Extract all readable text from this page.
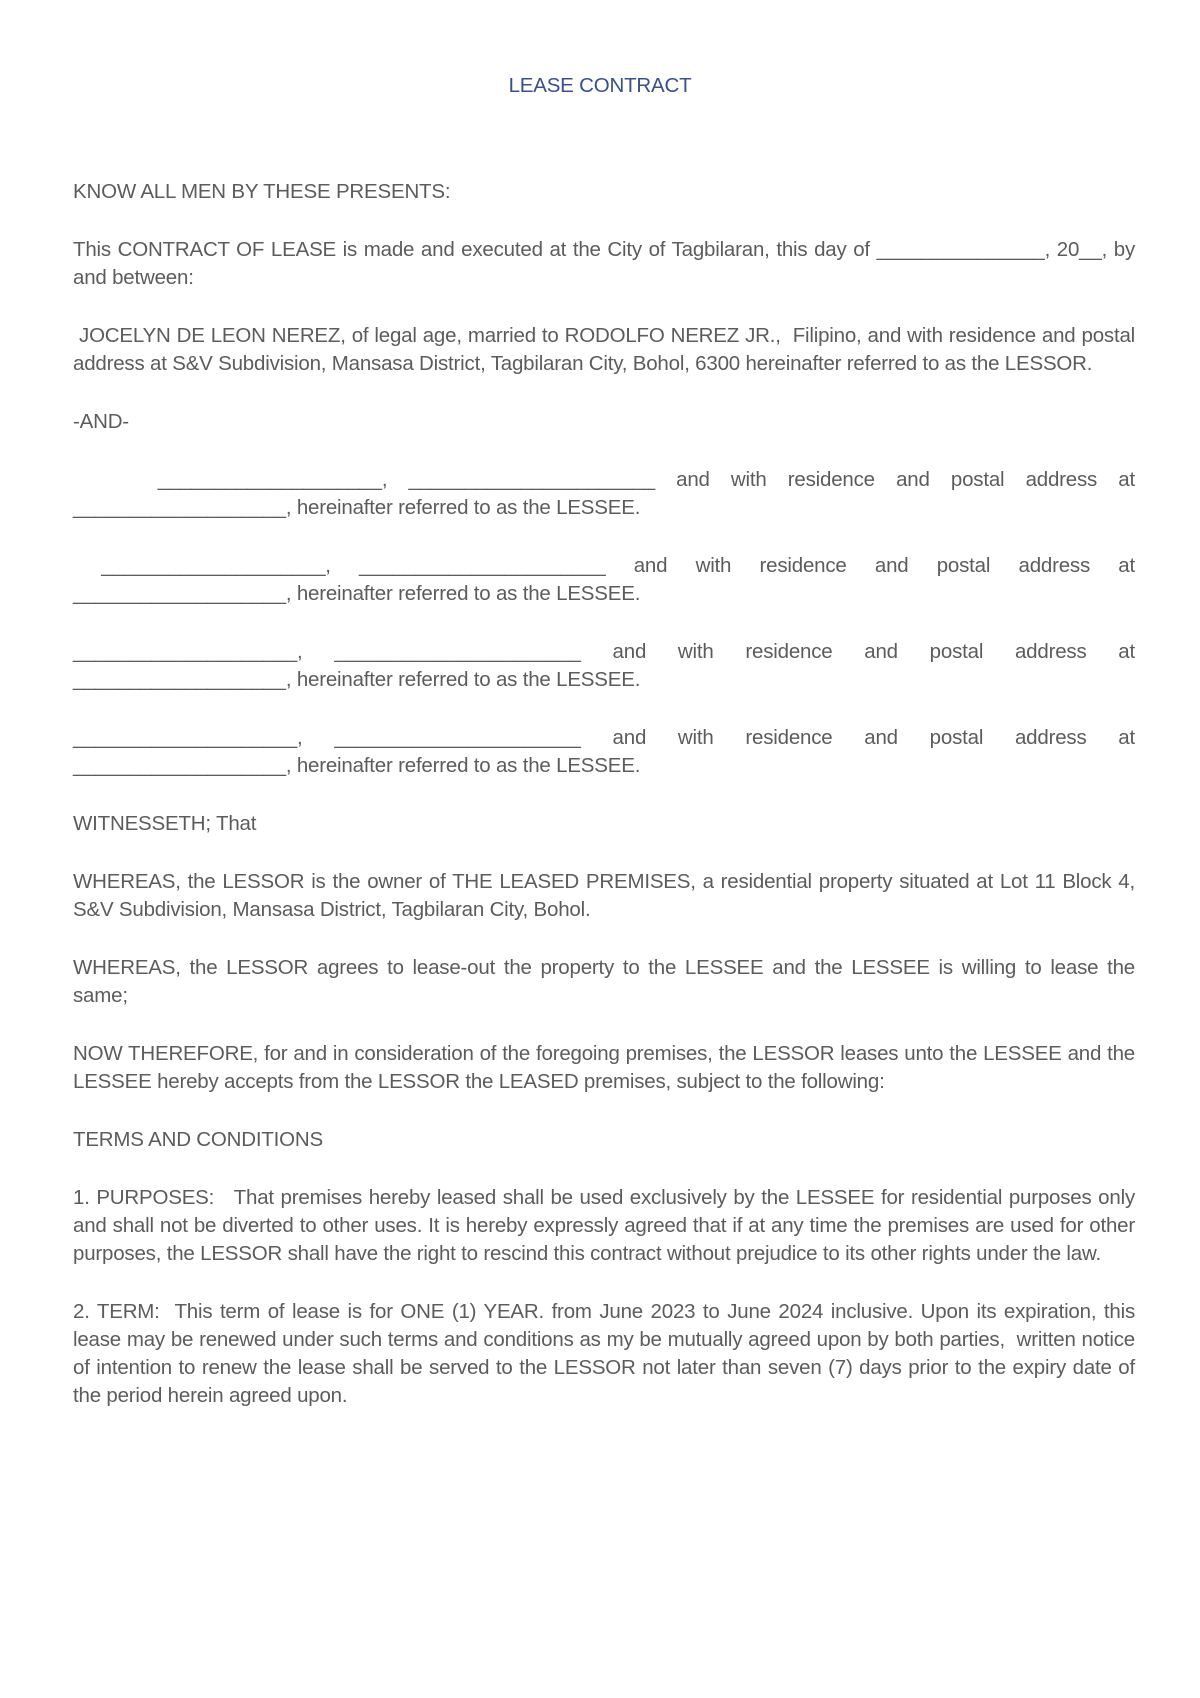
LEASE CONTRACT

KNOW ALL MEN BY THESE PRESENTS:

This CONTRACT OF LEASE is made and executed at the City of Tagbilaran, this day of _______________, 20__, by and between:

JOCELYN DE LEON NEREZ, of legal age, married to RODOLFO NEREZ JR.,  Filipino, and with residence and postal address at S&V Subdivision, Mansasa District, Tagbilaran City, Bohol, 6300 hereinafter referred to as the LESSOR.

-AND-

____________________, ______________________ and with residence and postal address at ___________________, hereinafter referred to as the LESSEE.

____________________, ______________________ and with residence and postal address at ___________________, hereinafter referred to as the LESSEE.

____________________, ______________________ and with residence and postal address at ___________________, hereinafter referred to as the LESSEE.

____________________, ______________________ and with residence and postal address at ___________________, hereinafter referred to as the LESSEE.

WITNESSETH; That

WHEREAS, the LESSOR is the owner of THE LEASED PREMISES, a residential property situated at Lot 11 Block 4, S&V Subdivision, Mansasa District, Tagbilaran City, Bohol.

WHEREAS, the LESSOR agrees to lease-out the property to the LESSEE and the LESSEE is willing to lease the same;

NOW THEREFORE, for and in consideration of the foregoing premises, the LESSOR leases unto the LESSEE and the LESSEE hereby accepts from the LESSOR the LEASED premises, subject to the following:

TERMS AND CONDITIONS

1. PURPOSES:   That premises hereby leased shall be used exclusively by the LESSEE for residential purposes only and shall not be diverted to other uses. It is hereby expressly agreed that if at any time the premises are used for other purposes, the LESSOR shall have the right to rescind this contract without prejudice to its other rights under the law.

2. TERM:  This term of lease is for ONE (1) YEAR. from June 2023 to June 2024 inclusive. Upon its expiration, this lease may be renewed under such terms and conditions as my be mutually agreed upon by both parties,  written notice of intention to renew the lease shall be served to the LESSOR not later than seven (7) days prior to the expiry date of the period herein agreed upon.
